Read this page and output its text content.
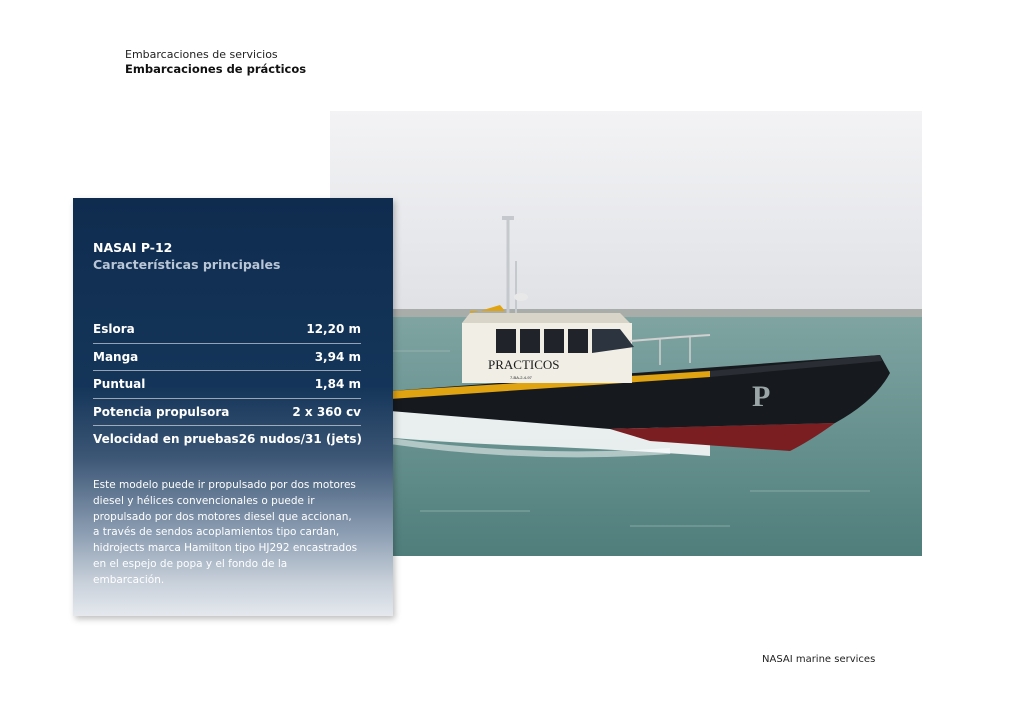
Embarcaciones de servicios
Embarcaciones de prácticos
PRACTICOS
7-BA-2-4-97
P
NASAI P-12
Características principales
Eslora	12,20 m
Manga	3,94 m
Puntual	1,84 m
Potencia propulsora	2 x 360 cv
Velocidad en pruebas 26 nudos/31 (jets)
Este modelo puede ir propulsado por dos motores diesel y hélices convencionales o puede ir propulsado por dos motores diesel que accionan, a través de sendos acoplamientos tipo cardan, hidrojects marca Hamilton tipo HJ292 encastrados en el espejo de popa y el fondo de la embarcación.
NASAI marine services
